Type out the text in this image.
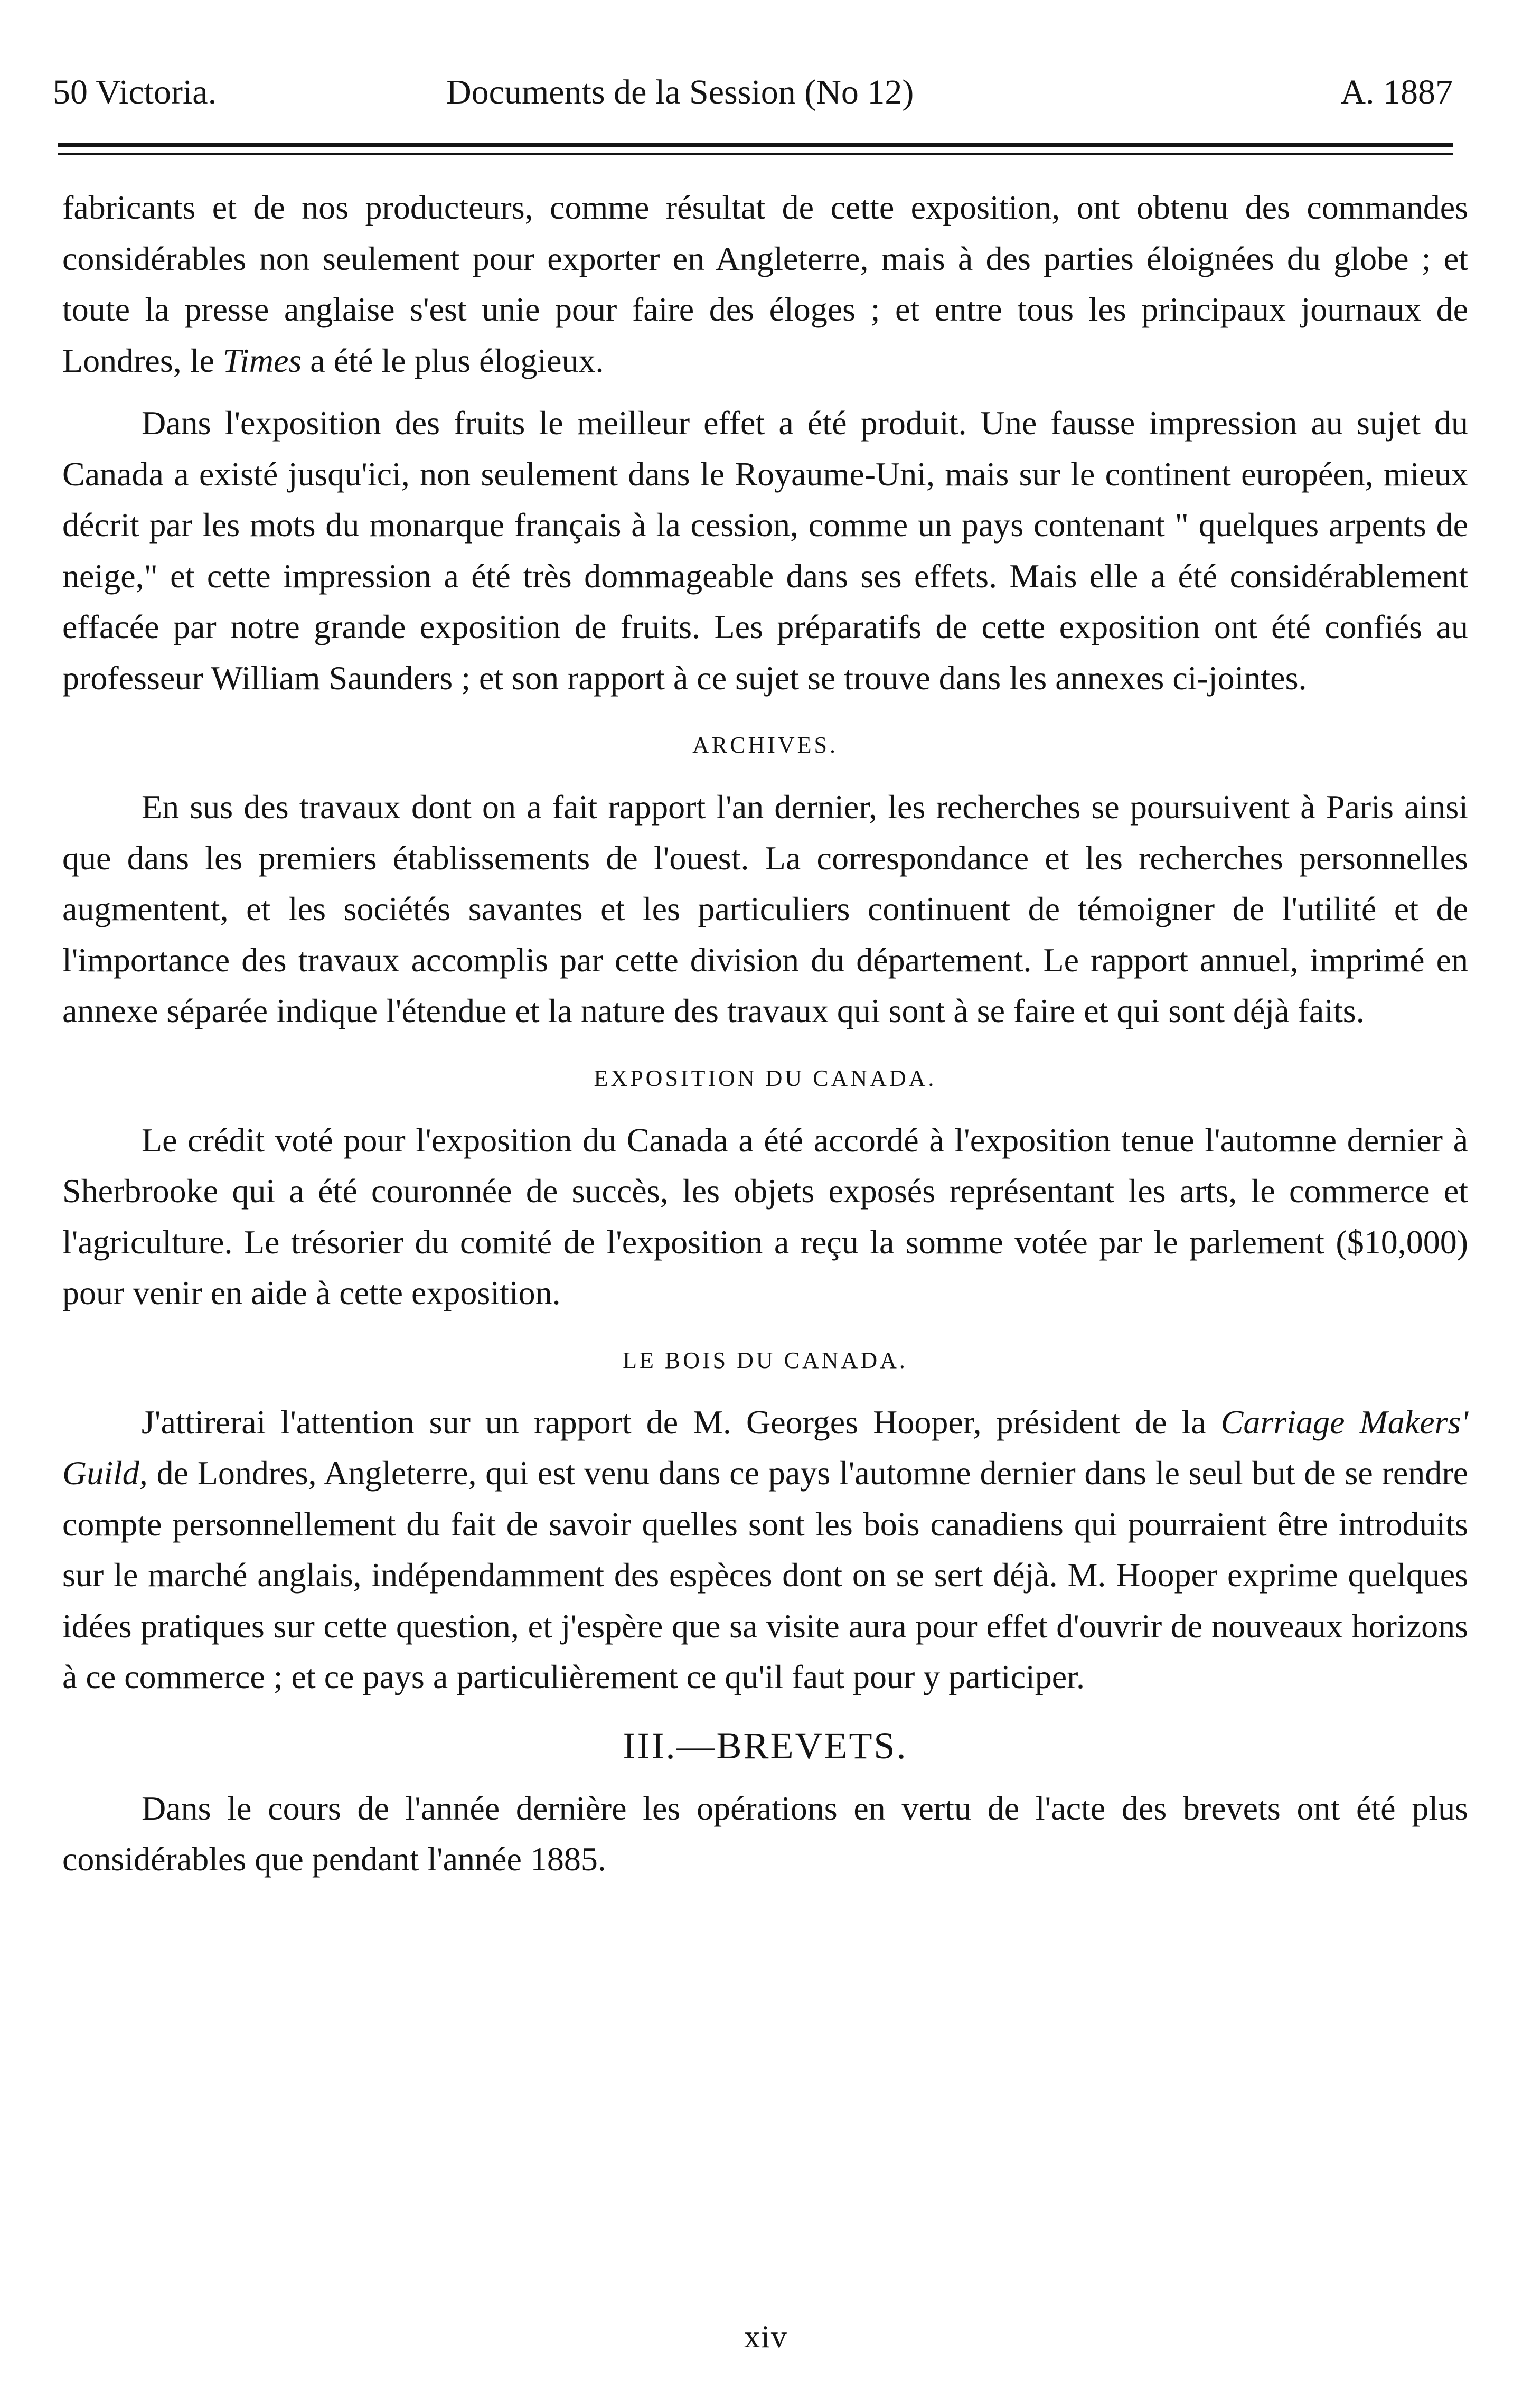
50 Victoria.	Documents de la Session (No 12)	A. 1887

fabricants et de nos producteurs, comme résultat de cette exposition, ont obtenu des commandes considérables non seulement pour exporter en Angleterre, mais à des parties éloignées du globe ; et toute la presse anglaise s'est unie pour faire des éloges ; et entre tous les principaux journaux de Londres, le Times a été le plus élogieux.

Dans l'exposition des fruits le meilleur effet a été produit. Une fausse impression au sujet du Canada a existé jusqu'ici, non seulement dans le Royaume-Uni, mais sur le continent européen, mieux décrit par les mots du monarque français à la cession, comme un pays contenant " quelques arpents de neige," et cette impression a été très dommageable dans ses effets. Mais elle a été considérablement effacée par notre grande exposition de fruits. Les préparatifs de cette exposition ont été confiés au professeur William Saunders ; et son rapport à ce sujet se trouve dans les annexes ci-jointes.

ARCHIVES.

En sus des travaux dont on a fait rapport l'an dernier, les recherches se poursuivent à Paris ainsi que dans les premiers établissements de l'ouest. La correspondance et les recherches personnelles augmentent, et les sociétés savantes et les particuliers continuent de témoigner de l'utilité et de l'importance des travaux accomplis par cette division du département. Le rapport annuel, imprimé en annexe séparée indique l'étendue et la nature des travaux qui sont à se faire et qui sont déjà faits.

EXPOSITION DU CANADA.

Le crédit voté pour l'exposition du Canada a été accordé à l'exposition tenue l'automne dernier à Sherbrooke qui a été couronnée de succès, les objets exposés représentant les arts, le commerce et l'agriculture. Le trésorier du comité de l'exposition a reçu la somme votée par le parlement ($10,000) pour venir en aide à cette exposition.

LE BOIS DU CANADA.

J'attirerai l'attention sur un rapport de M. Georges Hooper, président de la Carriage Makers' Guild, de Londres, Angleterre, qui est venu dans ce pays l'automne dernier dans le seul but de se rendre compte personnellement du fait de savoir quelles sont les bois canadiens qui pourraient être introduits sur le marché anglais, indépendamment des espèces dont on se sert déjà. M. Hooper exprime quelques idées pratiques sur cette question, et j'espère que sa visite aura pour effet d'ouvrir de nouveaux horizons à ce commerce ; et ce pays a particulièrement ce qu'il faut pour y participer.

III.—BREVETS.

Dans le cours de l'année dernière les opérations en vertu de l'acte des brevets ont été plus considérables que pendant l'année 1885.

xiv
